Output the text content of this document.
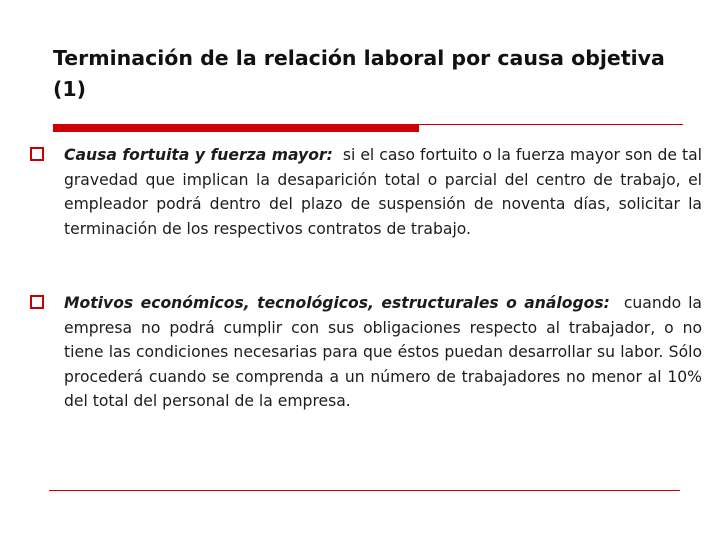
Terminación de la relación laboral por causa objetiva (1)

Causa fortuita y fuerza mayor: si el caso fortuito o la fuerza mayor son de tal gravedad que implican la desaparición total o parcial del centro de trabajo, el empleador podrá dentro del plazo de suspensión de noventa días, solicitar la terminación de los respectivos contratos de trabajo.

Motivos económicos, tecnológicos, estructurales o análogos: cuando la empresa no podrá cumplir con sus obligaciones respecto al trabajador, o no tiene las condiciones necesarias para que éstos puedan desarrollar su labor. Sólo procederá cuando se comprenda a un número de trabajadores no menor al 10% del total del personal de la empresa.
